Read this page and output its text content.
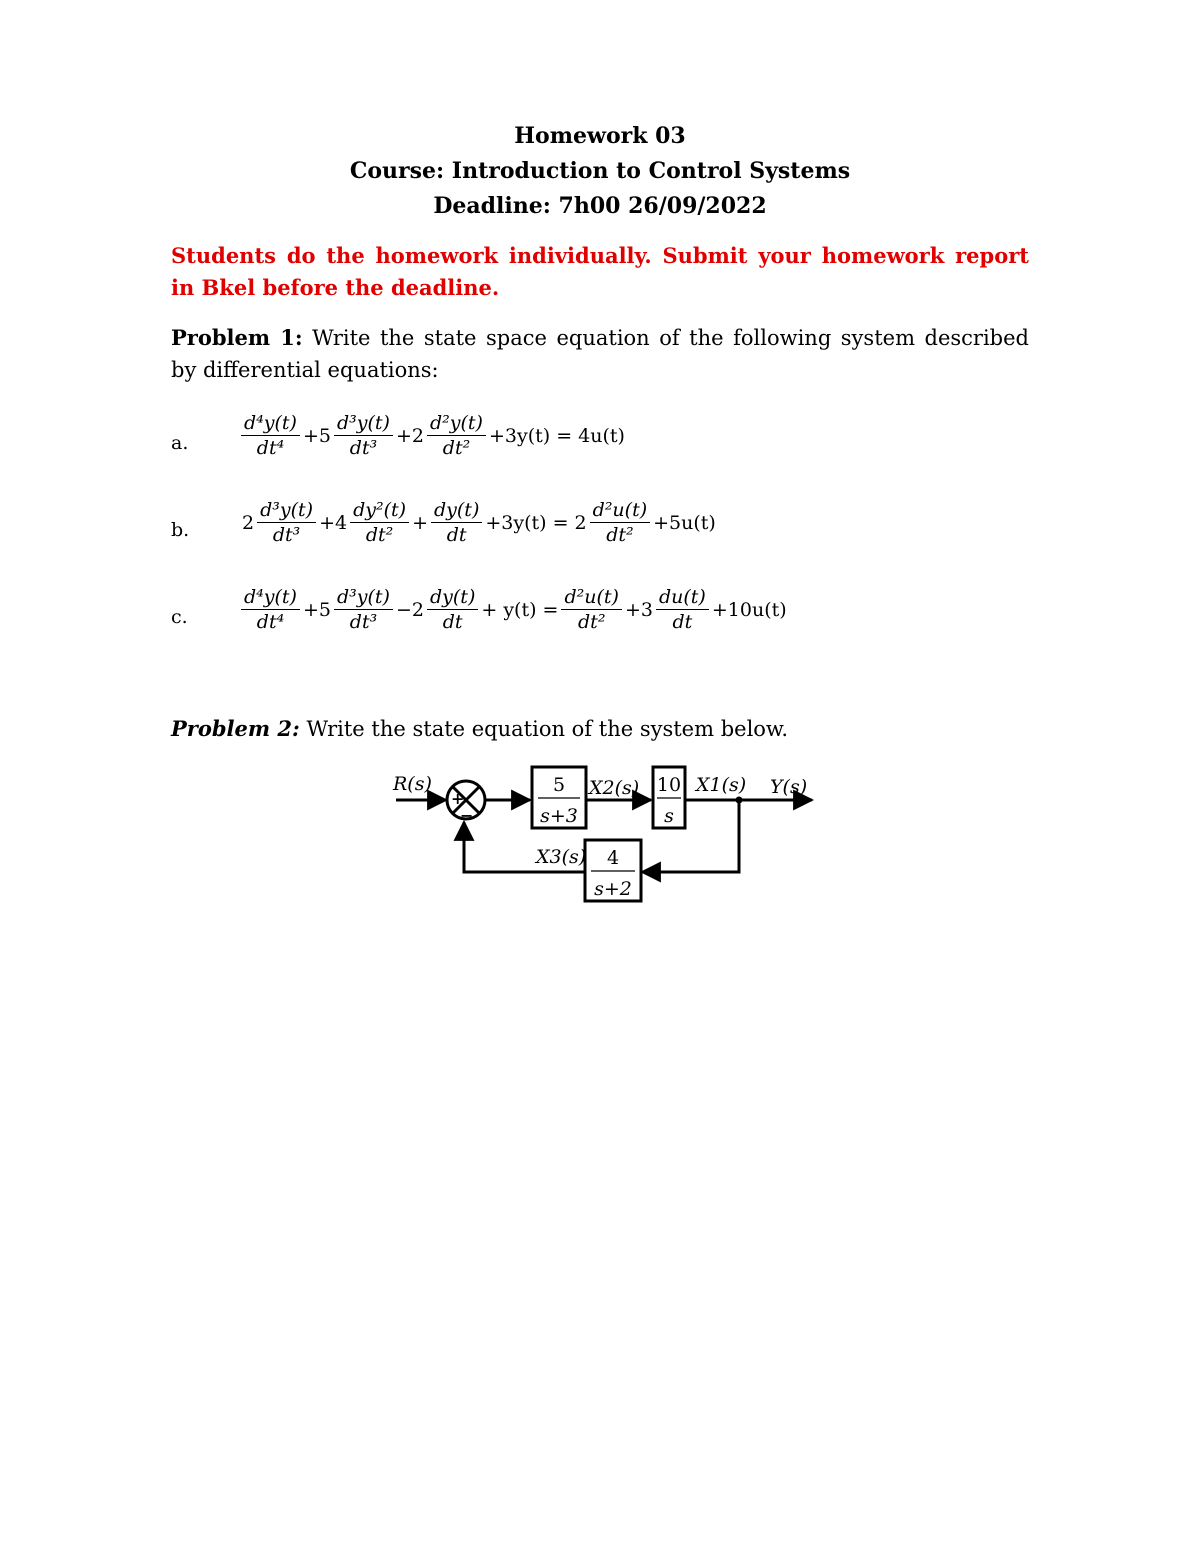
Homework 03
Course: Introduction to Control Systems
Deadline: 7h00 26/09/2022
Students do the homework individually. Submit your homework report in Bkel before the deadline.
Problem 1: Write the state space equation of the following system described by differential equations:
a.
b.
c.
$\frac{\text{d⁴y(t)}}{\text{dt⁴}} +5 \frac{\text{d³y(t)}}{\text{dt³}} +2 \frac{\text{d²y(t)}}{\text{dt²}} +3y(t) = 4u(t)$
$2 \frac{\text{d³y(t)}}{\text{dt³}} +4 \frac{\text{dy²(t)}}{\text{dt²}} + \frac{dy(t)}{dt} +3y(t) = 2 \frac{\text{d²u(t)}}{\text{dt²}} +5u(t)$
$\frac{\text{d⁴y(t)}}{\text{dt⁴}} +5 \frac{\text{d³y(t)}}{\text{dt³}} -2 \frac{dy(t)}{dt} + y(t) = \frac{\text{d²u(t)}}{\text{dt²}} +3 \frac{du(t)}{dt} +10u(t)$
Problem 2: Write the state equation of the system below.
R(s)	Y(s)
X2(s)	X1(s)
X3(s)
+
−
5
s+3
10
s
4
s+2
